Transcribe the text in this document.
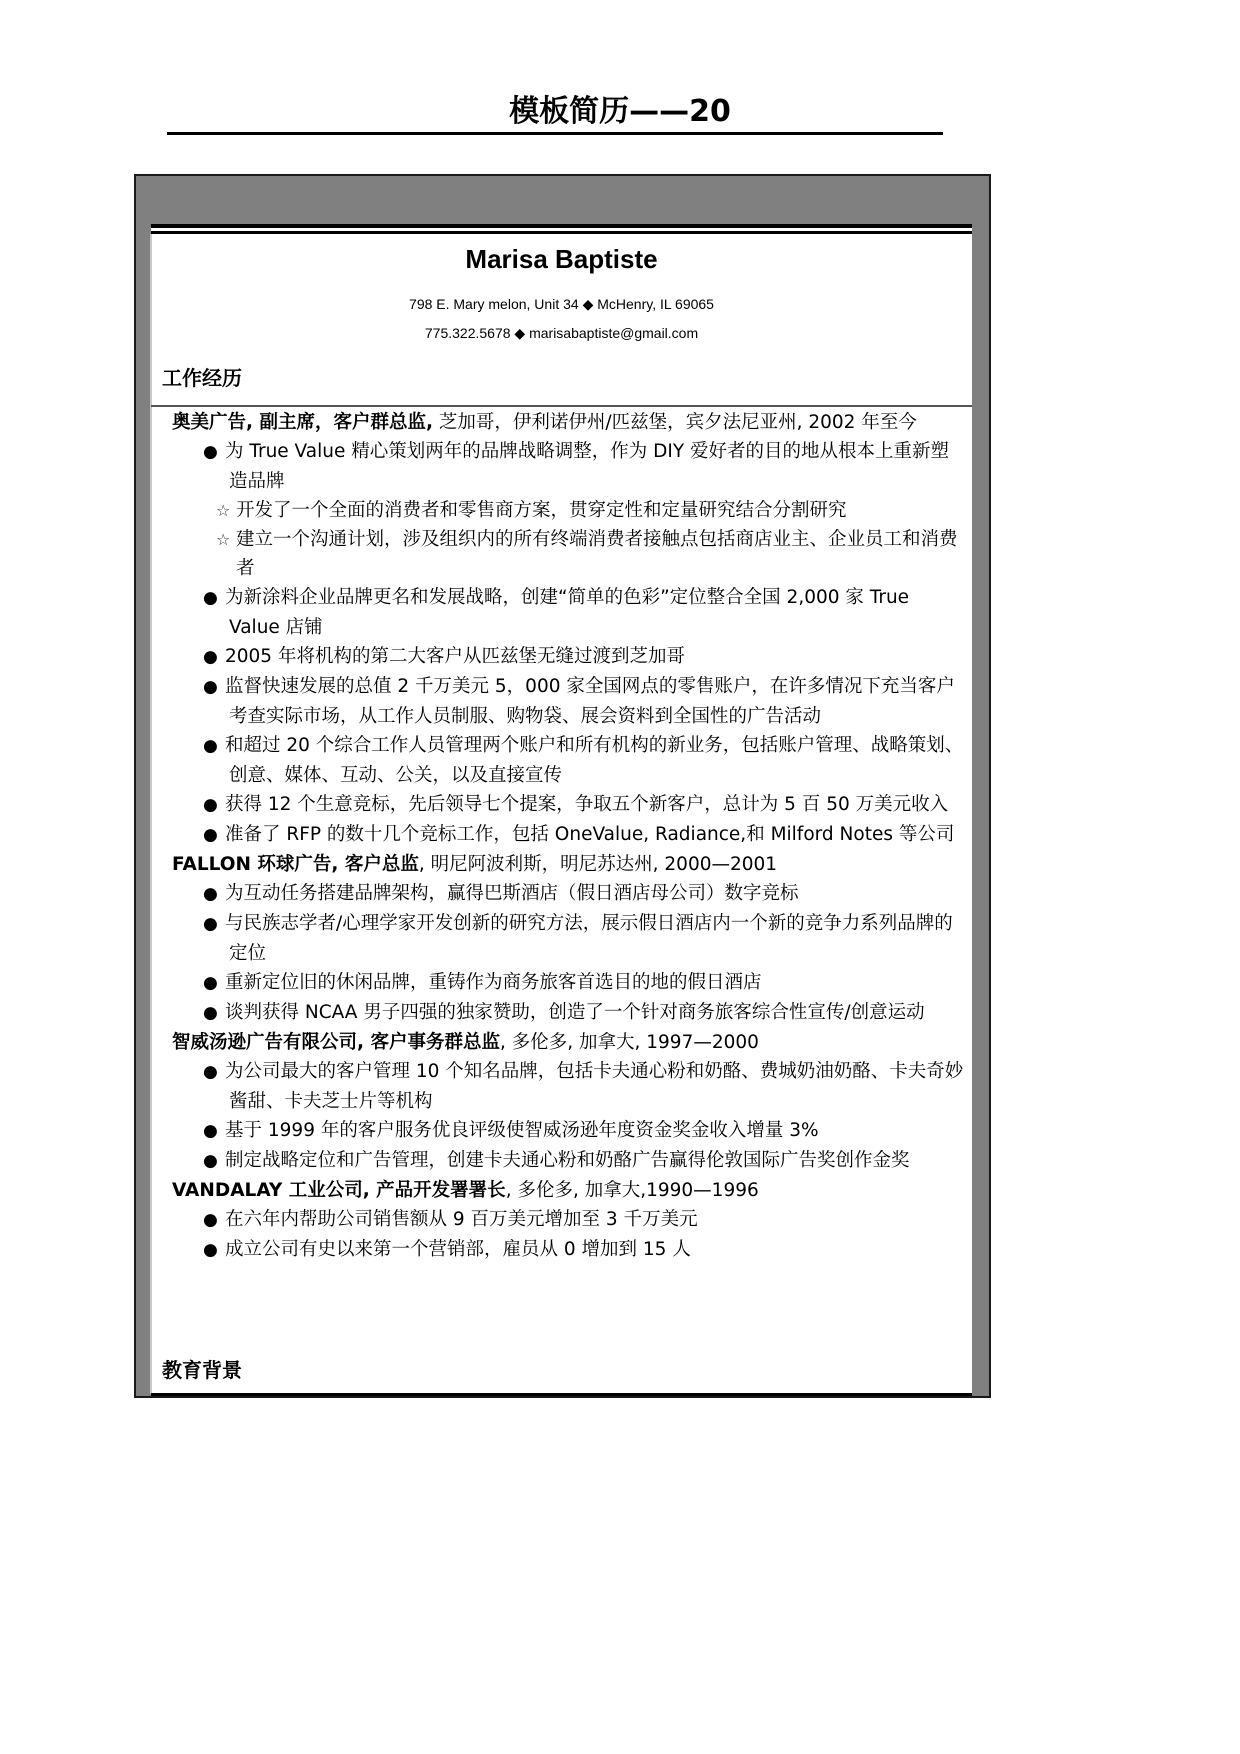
模板简历——20
Marisa Baptiste
798 E. Mary melon, Unit 34 ◆ McHenry, IL 69065
775.322.5678 ◆ marisabaptiste@gmail.com
工作经历
奥美广告, 副主席，客户群总监, 芝加哥，伊利诺伊州/匹兹堡，宾夕法尼亚州, 2002 年至今
● 为 True Value 精心策划两年的品牌战略调整，作为 DIY 爱好者的目的地从根本上重新塑造品牌
☆ 开发了一个全面的消费者和零售商方案，贯穿定性和定量研究结合分割研究
☆ 建立一个沟通计划，涉及组织内的所有终端消费者接触点包括商店业主、企业员工和消费者
● 为新涂料企业品牌更名和发展战略，创建“简单的色彩”定位整合全国 2,000 家 True Value 店铺
● 2005 年将机构的第二大客户从匹兹堡无缝过渡到芝加哥
● 监督快速发展的总值 2 千万美元 5，000 家全国网点的零售账户，在许多情况下充当客户考查实际市场，从工作人员制服、购物袋、展会资料到全国性的广告活动
● 和超过 20 个综合工作人员管理两个账户和所有机构的新业务，包括账户管理、战略策划、创意、媒体、互动、公关，以及直接宣传
● 获得 12 个生意竞标，先后领导七个提案，争取五个新客户，总计为 5 百 50 万美元收入
● 准备了 RFP 的数十几个竞标工作，包括 OneValue, Radiance,和 Milford Notes 等公司
FALLON 环球广告, 客户总监, 明尼阿波利斯，明尼苏达州, 2000—2001
● 为互动任务搭建品牌架构，赢得巴斯酒店（假日酒店母公司）数字竞标
● 与民族志学者/心理学家开发创新的研究方法，展示假日酒店内一个新的竞争力系列品牌的定位
● 重新定位旧的休闲品牌，重铸作为商务旅客首选目的地的假日酒店
● 谈判获得 NCAA 男子四强的独家赞助，创造了一个针对商务旅客综合性宣传/创意运动
智威汤逊广告有限公司, 客户事务群总监, 多伦多, 加拿大, 1997—2000
● 为公司最大的客户管理 10 个知名品牌，包括卡夫通心粉和奶酪、费城奶油奶酪、卡夫奇妙酱甜、卡夫芝士片等机构
● 基于 1999 年的客户服务优良评级使智威汤逊年度资金奖金收入增量 3%
● 制定战略定位和广告管理，创建卡夫通心粉和奶酪广告赢得伦敦国际广告奖创作金奖
VANDALAY 工业公司, 产品开发署署长, 多伦多, 加拿大,1990—1996
● 在六年内帮助公司销售额从 9 百万美元增加至 3 千万美元
● 成立公司有史以来第一个营销部，雇员从 0 增加到 15 人
教育背景
